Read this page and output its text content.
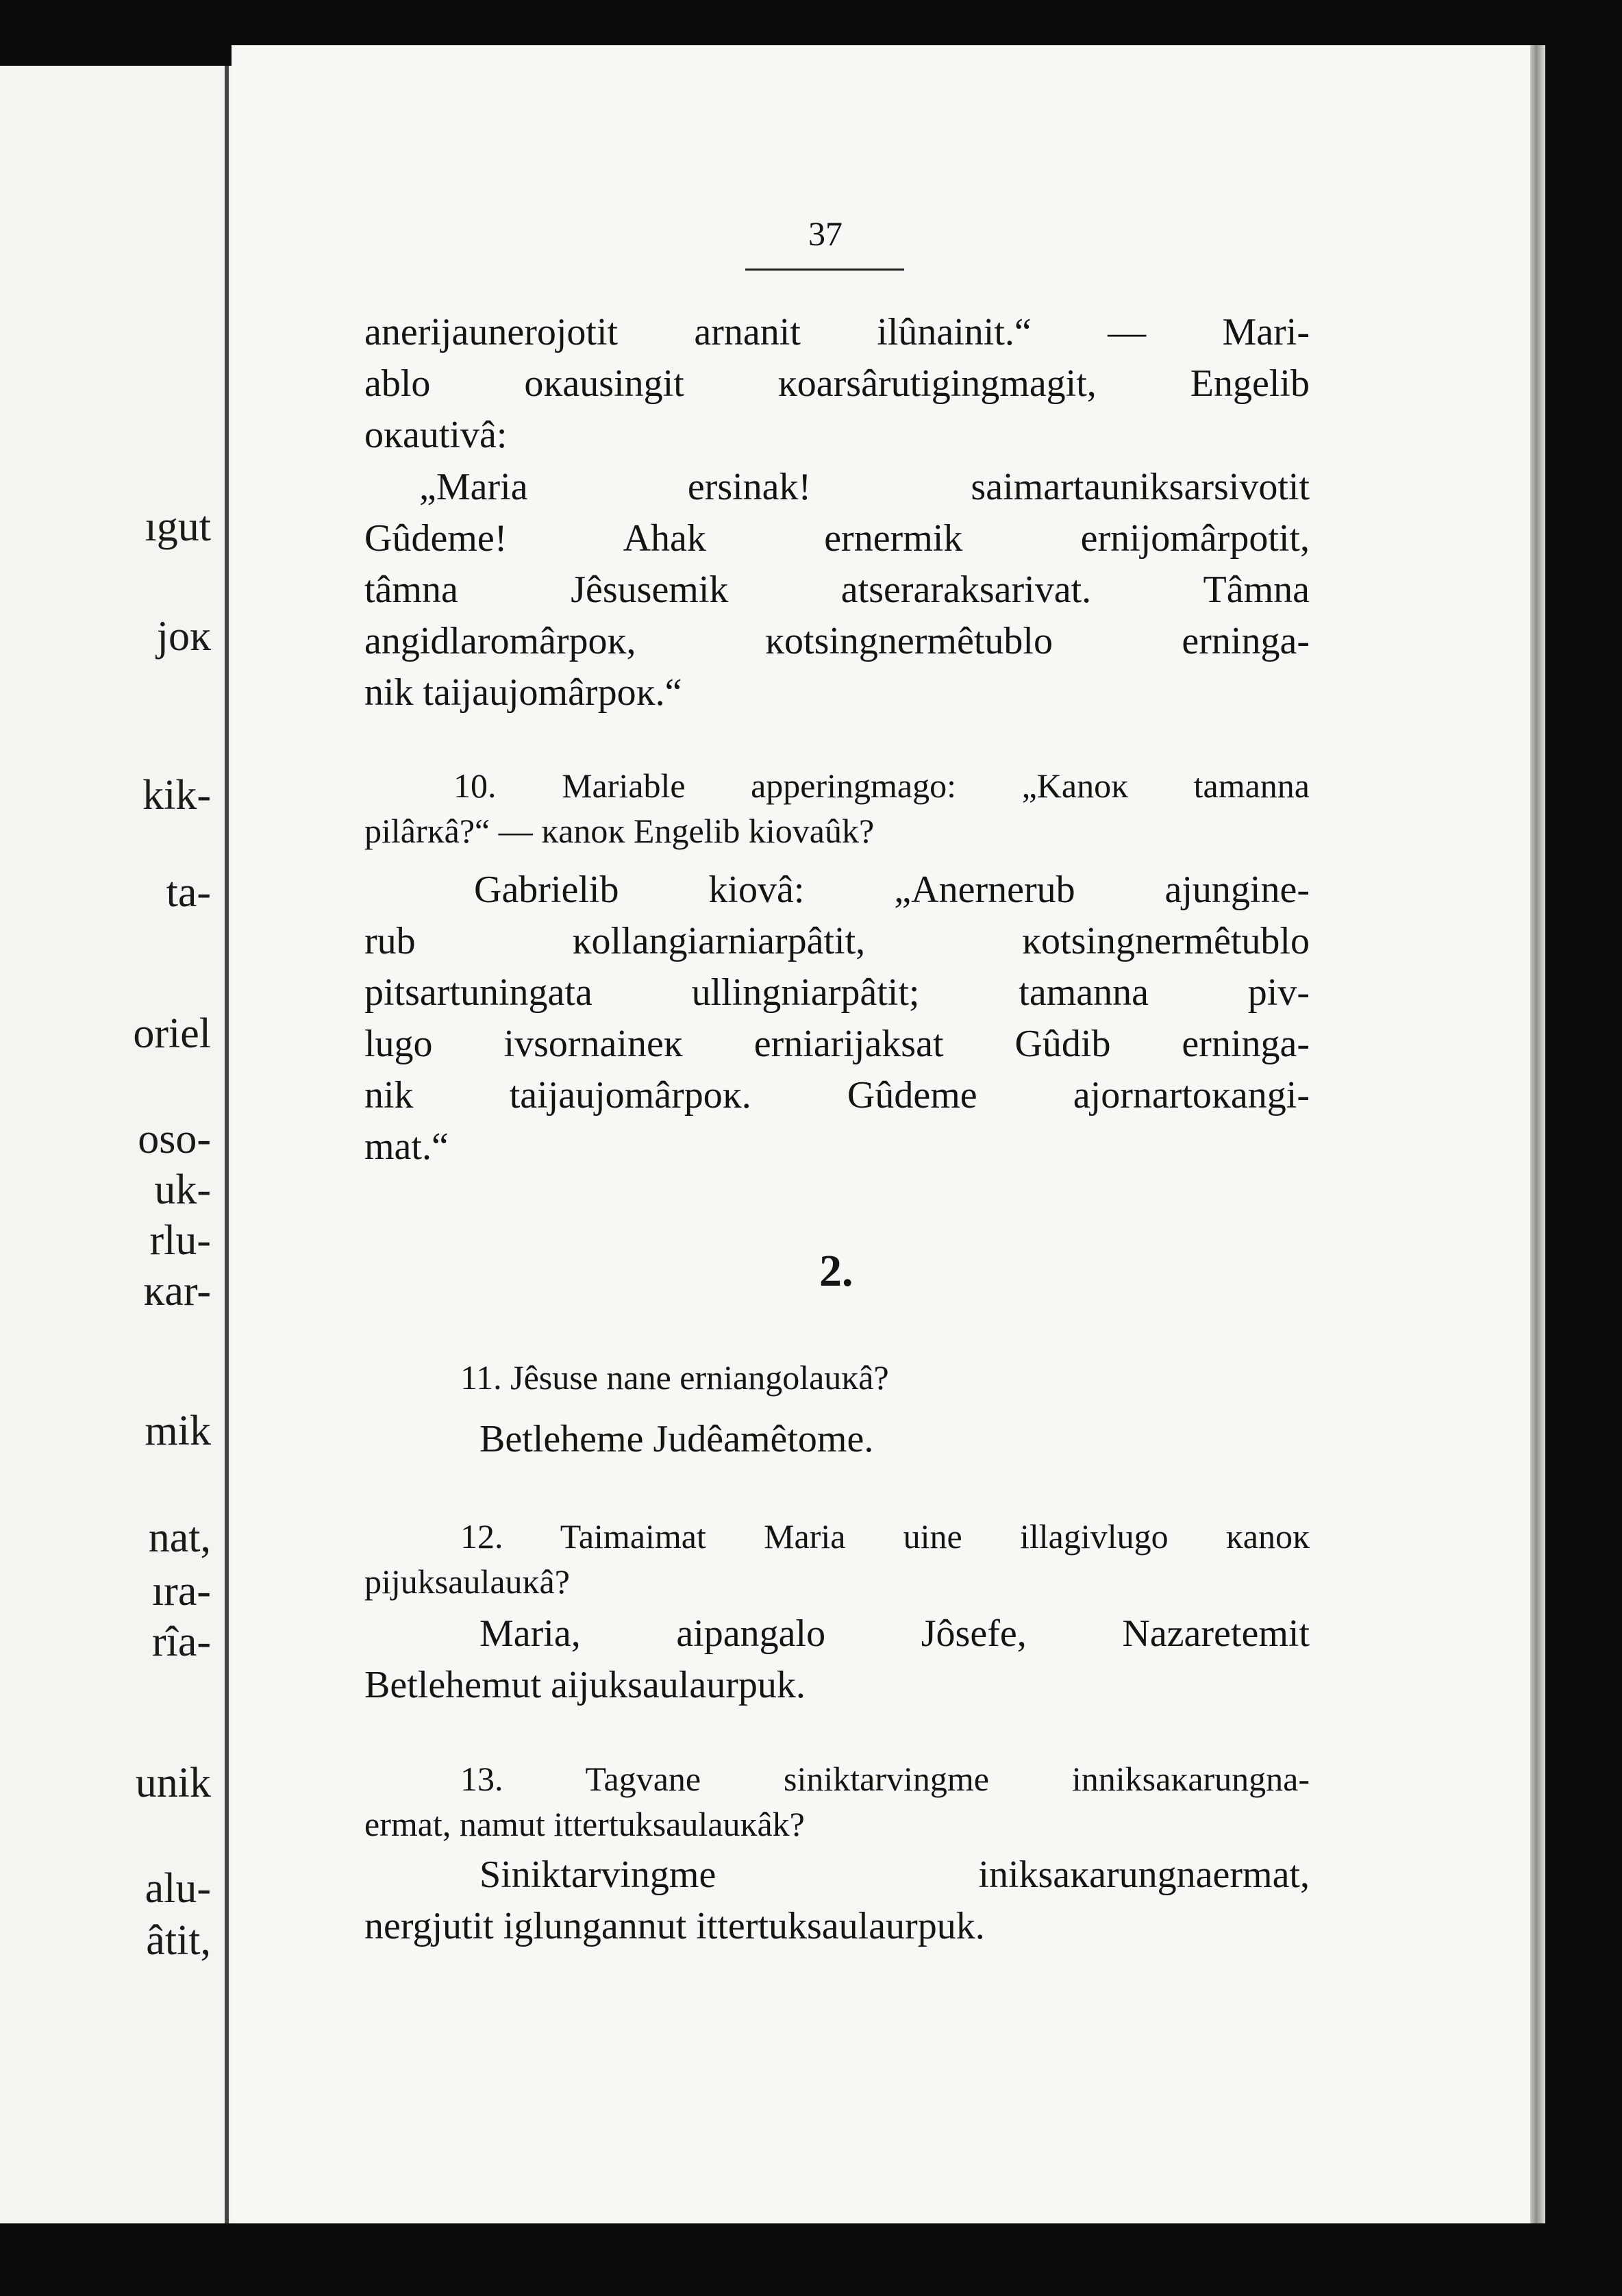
ıgut
joĸ
kik-
ta-
oriel
oso-
uk-
rlu-
ĸar-
mik
nat,
ıra-
rîa-
unik
alu-
âtit,
37
anerijaunerojotit arnanit ilûnainit.“ — Mari-
ablo oĸausingit ĸoarsârutigingmagit, Engelib
oĸautivâ:
„Maria ersinak! saimartauniksarsivotit
Gûdeme! Ahak ernermik ernijomârpotit,
tâmna Jêsusemik atseraraksarivat. Tâmna
angidlaromârpoĸ, ĸotsingnermêtublo erninga-
nik taijaujomârpoĸ.“
10. Mariable apperingmago: „Kanoĸ tamanna
pilârĸâ?“ — ĸanoĸ Engelib kiovaûk?
Gabrielib kiovâ: „Anernerub ajungine-
rub ĸollangiarniarpâtit, ĸotsingnermêtublo
pitsartuningata ullingniarpâtit; tamanna piv-
lugo ivsornaineĸ erniarijaksat Gûdib erninga-
nik taijaujomârpoĸ. Gûdeme ajornartoĸangi-
mat.“
2.
11. Jêsuse nane erniangolauĸâ?
Betleheme Judêamêtome.
12. Taimaimat Maria uine illagivlugo ĸanoĸ
pijuksaulauĸâ?
Maria, aipangalo Jôsefe, Nazaretemit
Betlehemut aijuksaulaurpuk.
13. Tagvane siniktarvingme inniksaĸarungna-
ermat, namut ittertuksaulauĸâk?
Siniktarvingme iniksaĸarungnaermat,
nergjutit iglungannut ittertuksaulaurpuk.
